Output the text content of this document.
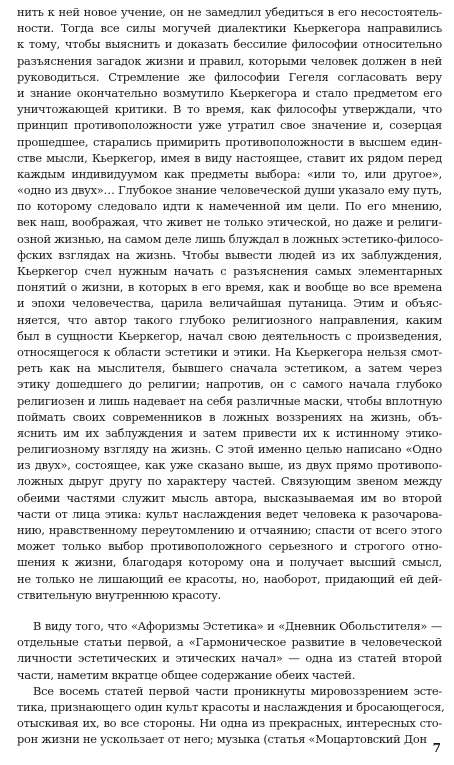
нить к ней новое учение, он не замедлил убедиться в его несостоятель-
ности. Тогда все силы могучей диалектики Кьеркегора направились
к тому, чтобы выяснить и доказать бессилие философии относительно
разъяснения загадок жизни и правил, которыми человек должен в ней
руководиться. Стремление же философии Гегеля согласовать веру
и знание окончательно возмутило Кьеркегора и стало предметом его
уничтожающей критики. В то время, как философы утверждали, что
принцип противоположности уже утратил свое значение и, созерцая
прошедшее, старались примирить противоположности в высшем един-
стве мысли, Кьеркегор, имея в виду настоящее, ставит их рядом перед
каждым индивидуумом как предметы выбора: «или то, или другое»,
«одно из двух»… Глубокое знание человеческой души указало ему путь,
по которому следовало идти к намеченной им цели. По его мнению,
век наш, воображая, что живет не только этической, но даже и религи-
озной жизнью, на самом деле лишь блуждал в ложных эстетико-филосо-
фских взглядах на жизнь. Чтобы вывести людей из их заблуждения,
Кьеркегор счел нужным начать с разъяснения самых элементарных
понятий о жизни, в которых в его время, как и вообще во все времена
и эпохи человечества, царила величайшая путаница. Этим и объяс-
няется, что автор такого глубоко религиозного направления, каким
был в сущности Кьеркегор, начал свою деятельность с произведения,
относящегося к области эстетики и этики. На Кьеркегора нельзя смот-
реть как на мыслителя, бывшего сначала эстетиком, а затем через
этику дошедшего до религии; напротив, он с самого начала глубоко
религиозен и лишь надевает на себя различные маски, чтобы вплотную
поймать своих современников в ложных воззрениях на жизнь, объ-
яснить им их заблуждения и затем привести их к истинному этико-
религиозному взгляду на жизнь. С этой именно целью написано «Одно
из двух», состоящее, как уже сказано выше, из двух прямо противопо-
ложных дыруг другу по характеру частей. Связующим звеном между
обеими частями служит мысль автора, высказываемая им во второй
части от лица этика: культ наслаждения ведет человека к разочарова-
нию, нравственному переутомлению и отчаянию; спасти от всего этого
может только выбор противоположного серьезного и строгого отно-
шения к жизни, благодаря которому она и получает высший смысл,
не только не лишающий ее красоты, но, наоборот, придающий ей дей-
ствительную внутреннюю красоту.
В виду того, что «Афоризмы Эстетика» и «Дневник Обольстителя» —
отдельные статьи первой, а «Гармоническое развитие в человеческой
личности эстетических и этических начал» — одна из статей второй
части, наметим вкратце общее содержание обеих частей.
Все восемь статей первой части проникнуты мировоззрением эсте-
тика, признающего один культ красоты и наслаждения и бросающегося,
отыскивая их, во все стороны. Ни одна из прекрасных, интересных сто-
рон жизни не ускользает от него; музыка (статья «Моцартовский Дон
7
